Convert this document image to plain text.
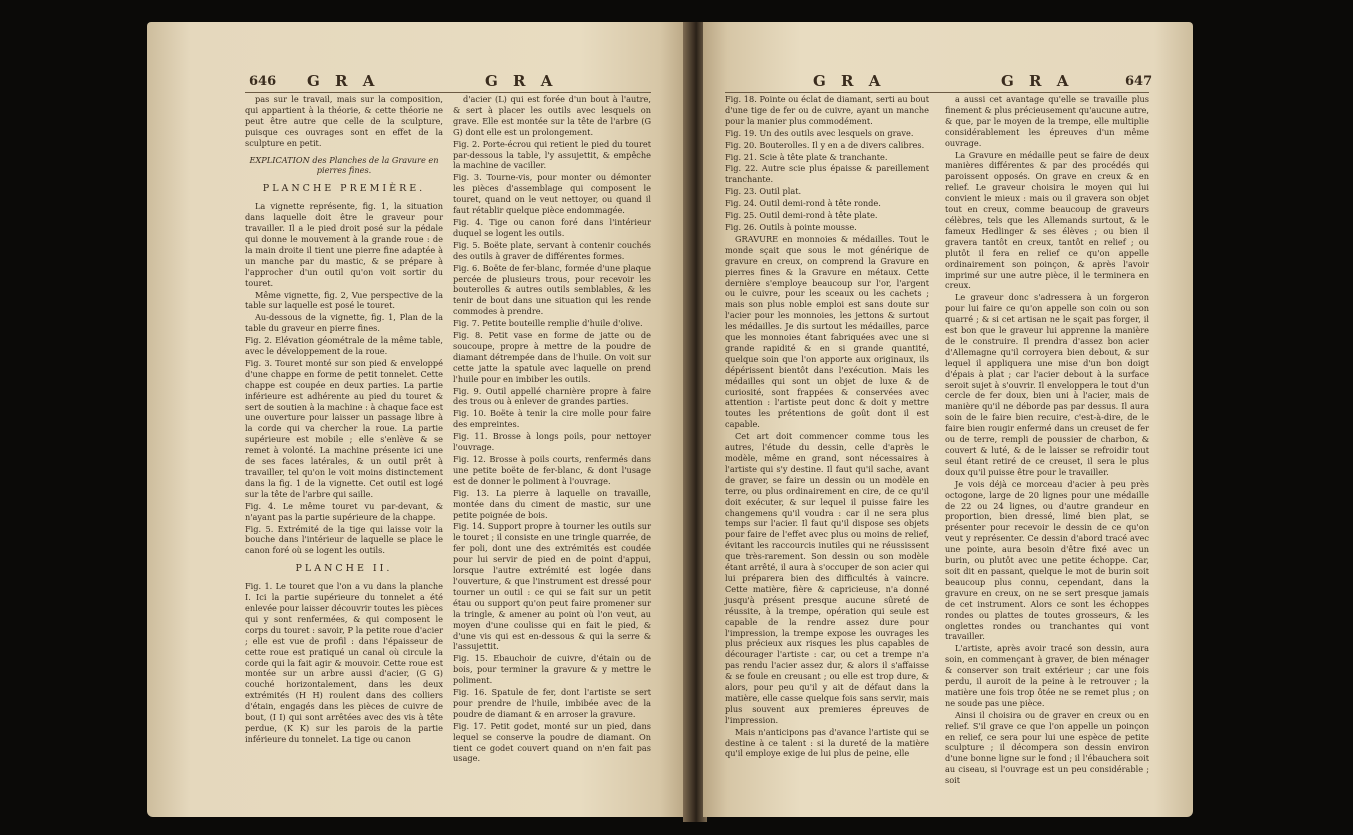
646 G R A	G R A

pas sur le travail, mais sur la composition, qui appartient à la théorie, & cette théorie ne peut être autre que celle de la sculpture, puisque ces ouvrages sont en effet de la sculpture en petit.

EXPLICATION des Planches de la Gravure en pierres fines.

PLANCHE PREMIÈRE.

La vignette représente, fig. 1, la situation dans laquelle doit être le graveur pour travailler. Il a le pied droit posé sur la pédale qui donne le mouvement à la grande roue : de la main droite il tient une pierre fine adaptée à un manche par du mastic, & se prépare à l'approcher d'un outil qu'on voit sortir du touret.

Même vignette, fig. 2, Vue perspective de la table sur laquelle est posé le touret.

Au-dessous de la vignette, fig. 1, Plan de la table du graveur en pierre fines.

Fig. 2. Elévation géométrale de la même table, avec le développement de la roue.

Fig. 3. Touret monté sur son pied & enveloppé d'une chappe en forme de petit tonnelet. Cette chappe est coupée en deux parties. La partie inférieure est adhérente au pied du touret & sert de soutien à la machine : à chaque face est une ouverture pour laisser un passage libre à la corde qui va chercher la roue. La partie supérieure est mobile ; elle s'enlève & se remet à volonté. La machine présente ici une de ses faces latérales, & un outil prêt à travailler, tel qu'on le voit moins distinctement dans la fig. 1 de la vignette. Cet outil est logé sur la tête de l'arbre qui saille.

Fig. 4. Le même touret vu par-devant, & n'ayant pas la partie supérieure de la chappe.

Fig. 5. Extrémité de la tige qui laisse voir la bouche dans l'intérieur de laquelle se place le canon foré où se logent les outils.

PLANCHE II.

Fig. 1. Le touret que l'on a vu dans la planche I. Ici la partie supérieure du tonnelet a été enlevée pour laisser découvrir toutes les pièces qui y sont renfermées, & qui composent le corps du touret : savoir, P la petite roue d'acier ; elle est vue de profil : dans l'épaisseur de cette roue est pratiqué un canal où circule la corde qui la fait agir & mouvoir. Cette roue est montée sur un arbre aussi d'acier, (G G) couché horizontalement, dans les deux extrémités (H H) roulent dans des colliers d'étain, engagés dans les pièces de cuivre de bout, (I I) qui sont arrêtées avec des vis à tête perdue, (K K) sur les parois de la partie inférieure du tonnelet. La tige ou canon

d'acier (L) qui est forée d'un bout à l'autre, & sert à placer les outils avec lesquels on grave. Elle est montée sur la tête de l'arbre (G G) dont elle est un prolongement.

Fig. 2. Porte-écrou qui retient le pied du touret par-dessous la table, l'y assujettit, & empêche la machine de vaciller.

Fig. 3. Tourne-vis, pour monter ou démonter les pièces d'assemblage qui composent le touret, quand on le veut nettoyer, ou quand il faut rétablir quelque pièce endommagée.

Fig. 4. Tige ou canon foré dans l'intérieur duquel se logent les outils.

Fig. 5. Boëte plate, servant à contenir couchés des outils à graver de différentes formes.

Fig. 6. Boëte de fer-blanc, formée d'une plaque percée de plusieurs trous, pour recevoir les bouterolles & autres outils semblables, & les tenir de bout dans une situation qui les rende commodes à prendre.

Fig. 7. Petite bouteille remplie d'huile d'olive.

Fig. 8. Petit vase en forme de jatte ou de soucoupe, propre à mettre de la poudre de diamant détrempée dans de l'huile. On voit sur cette jatte la spatule avec laquelle on prend l'huile pour en imbiber les outils.

Fig. 9. Outil appellé charnière propre à faire des trous ou à enlever de grandes parties.

Fig. 10. Boëte à tenir la cire molle pour faire des empreintes.

Fig. 11. Brosse à longs poils, pour nettoyer l'ouvrage.

Fig. 12. Brosse à poils courts, renfermés dans une petite boëte de fer-blanc, & dont l'usage est de donner le poliment à l'ouvrage.

Fig. 13. La pierre à laquelle on travaille, montée dans du ciment de mastic, sur une petite poignée de bois.

Fig. 14. Support propre à tourner les outils sur le touret ; il consiste en une tringle quarrée, de fer poli, dont une des extrémités est coudée pour lui servir de pied en de point d'appui, lorsque l'autre extrémité est logée dans l'ouverture, & que l'instrument est dressé pour tourner un outil : ce qui se fait sur un petit étau ou support qu'on peut faire promener sur la tringle, & amener au point où l'on veut, au moyen d'une coulisse qui en fait le pied, & d'une vis qui est en-dessous & qui la serre & l'assujettit.

Fig. 15. Ebauchoir de cuivre, d'étain ou de bois, pour terminer la gravure & y mettre le poliment.

Fig. 16. Spatule de fer, dont l'artiste se sert pour prendre de l'huile, imbibée avec de la poudre de diamant & en arroser la gravure.

Fig. 17. Petit godet, monté sur un pied, dans lequel se conserve la poudre de diamant. On tient ce godet couvert quand on n'en fait pas usage.

G R A	G R A	647

Fig. 18. Pointe ou éclat de diamant, serti au bout d'une tige de fer ou de cuivre, ayant un manche pour la manier plus commodément.

Fig. 19. Un des outils avec lesquels on grave.

Fig. 20. Bouterolles. Il y en a de divers calibres.

Fig. 21. Scie à tête plate & tranchante.

Fig. 22. Autre scie plus épaisse & pareillement tranchante.

Fig. 23. Outil plat.

Fig. 24. Outil demi-rond à tête ronde.

Fig. 25. Outil demi-rond à tête plate.

Fig. 26. Outils à pointe mousse.

GRAVURE en monnoies & médailles. Tout le monde sçait que sous le mot générique de gravure en creux, on comprend la Gravure en pierres fines & la Gravure en métaux. Cette dernière s'employe beaucoup sur l'or, l'argent ou le cuivre, pour les sceaux ou les cachets ; mais son plus noble emploi est sans doute sur l'acier pour les monnoies, les jettons & surtout les médailles. Je dis surtout les médailles, parce que les monnoies étant fabriquées avec une si grande rapidité & en si grande quantité, quelque soin que l'on apporte aux originaux, ils dépérissent bientôt dans l'exécution. Mais les médailles qui sont un objet de luxe & de curiosité, sont frappées & conservées avec attention : l'artiste peut donc & doit y mettre toutes les prétentions de goût dont il est capable.

Cet art doit commencer comme tous les autres, l'étude du dessin, celle d'après le modèle, même en grand, sont nécessaires à l'artiste qui s'y destine. Il faut qu'il sache, avant de graver, se faire un dessin ou un modèle en terre, ou plus ordinairement en cire, de ce qu'il doit exécuter, & sur lequel il puisse faire les changemens qu'il voudra : car il ne sera plus temps sur l'acier. Il faut qu'il dispose ses objets pour faire de l'effet avec plus ou moins de relief, évitant les raccourcis inutiles qui ne réussissent que très-rarement. Son dessin ou son modèle étant arrêté, il aura à s'occuper de son acier qui lui préparera bien des difficultés à vaincre. Cette matière, fière & capricieuse, n'a donné jusqu'à présent presque aucune sûreté de réussite, à la trempe, opération qui seule est capable de la rendre assez dure pour l'impression, la trempe expose les ouvrages les plus précieux aux risques les plus capables de décourager l'artiste : car, ou cet a trempe n'a pas rendu l'acier assez dur, & alors il s'affaisse & se foule en creusant ; ou elle est trop dure, & alors, pour peu qu'il y ait de défaut dans la matière, elle casse quelque fois sans servir, mais plus souvent aux premieres épreuves de l'impression.

Mais n'anticipons pas d'avance l'artiste qui se destine à ce talent : si la dureté de la matière qu'il employe exige de lui plus de peine, elle

a aussi cet avantage qu'elle se travaille plus finement & plus précieusement qu'aucune autre, & que, par le moyen de la trempe, elle multiplie considérablement les épreuves d'un même ouvrage.

La Gravure en médaille peut se faire de deux manières différentes & par des procédés qui paroissent opposés. On grave en creux & en relief. Le graveur choisira le moyen qui lui convient le mieux : mais ou il gravera son objet tout en creux, comme beaucoup de graveurs célèbres, tels que les Allemands surtout, & le fameux Hedlinger & ses élèves ; ou bien il gravera tantôt en creux, tantôt en relief ; ou plutôt il fera en relief ce qu'on appelle ordinairement son poinçon, & après l'avoir imprimé sur une autre pièce, il le terminera en creux.

Le graveur donc s'adressera à un forgeron pour lui faire ce qu'on appelle son coin ou son quarré ; & si cet artisan ne le sçait pas forger, il est bon que le graveur lui apprenne la manière de le construire. Il prendra d'assez bon acier d'Allemagne qu'il corroyera bien debout, & sur lequel il appliquera une mise d'un bon doigt d'épais à plat ; car l'acier debout à la surface seroit sujet à s'ouvrir. Il enveloppera le tout d'un cercle de fer doux, bien uni à l'acier, mais de manière qu'il ne déborde pas par dessus. Il aura soin de le faire bien recuire, c'est-à-dire, de le faire bien rougir enfermé dans un creuset de fer ou de terre, rempli de poussier de charbon, & couvert & luté, & de le laisser se refroidir tout seul étant retiré de ce creuset, il sera le plus doux qu'il puisse être pour le travailler.

Je vois déjà ce morceau d'acier à peu près octogone, large de 20 lignes pour une médaille de 22 ou 24 lignes, ou d'autre grandeur en proportion, bien dressé, limé bien plat, se présenter pour recevoir le dessin de ce qu'on veut y représenter. Ce dessin d'abord tracé avec une pointe, aura besoin d'être fixé avec un burin, ou plutôt avec une petite échoppe. Car, soit dit en passant, quelque le mot de burin soit beaucoup plus connu, cependant, dans la gravure en creux, on ne se sert presque jamais de cet instrument. Alors ce sont les échoppes rondes ou plattes de toutes grosseurs, & les onglettes rondes ou tranchantes qui vont travailler.

L'artiste, après avoir tracé son dessin, aura soin, en commençant à graver, de bien ménager & conserver son trait extérieur ; car une fois perdu, il auroit de la peine à le retrouver ; la matière une fois trop ôtée ne se remet plus ; on ne soude pas une pièce.

Ainsi il choisira ou de graver en creux ou en relief. S'il grave ce que l'on appelle un poinçon en relief, ce sera pour lui une espèce de petite sculpture ; il décompera son dessin environ d'une bonne ligne sur le fond ; il l'ébauchera soit au ciseau, si l'ouvrage est un peu considérable ; soit
